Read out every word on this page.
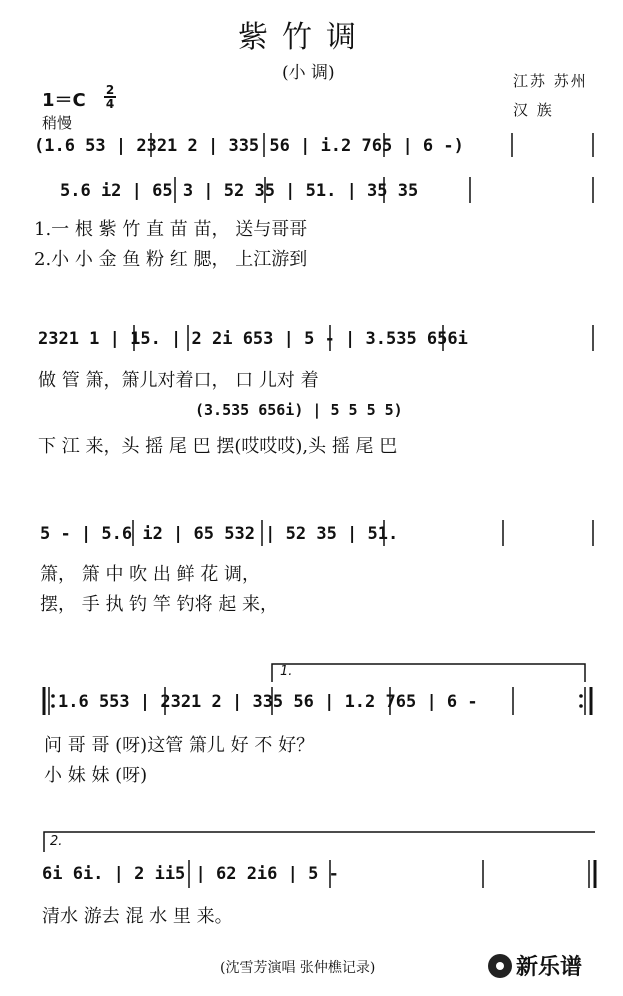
紫竹调
(小 调)
1＝C 2
4
稍慢
江苏 苏州
汉 族
(1.6 53 | 2321 2 | 335 56 | i.2 765 | 6 -)
5.6 i2 | 65 3 | 52 35 | 51. | 35 35
1.一 根 紫 竹 直 苗 苗， 送与哥哥
2.小 小 金 鱼 粉 红 腮， 上江游到
2321 1 | 15. | 2 2i 653 | 5 - | 3.535 656i
做 管 箫，箫儿对着口， 口 儿对 着
(3.535 656i) | 5 5 5 5)
下 江 来，头 摇 尾 巴 摆(哎哎哎),头 摇 尾 巴
5 - | 5.6 i2 | 65 532 | 52 35 | 51.
箫， 箫 中 吹 出 鲜 花 调，
摆， 手 执 钓 竿 钓将 起 来，
1.
1.6 553 | 2321 2 | 335 56 | 1.2 765 | 6 -
问 哥 哥 (呀)这管 箫儿 好 不 好？
小 妹 妹 (呀)
2.
6i 6i. | 2 ii5 | 62 2i6 | 5 -
清水 游去 混 水 里 来。
(沈雪芳演唱 张仲樵记录)	新乐谱
